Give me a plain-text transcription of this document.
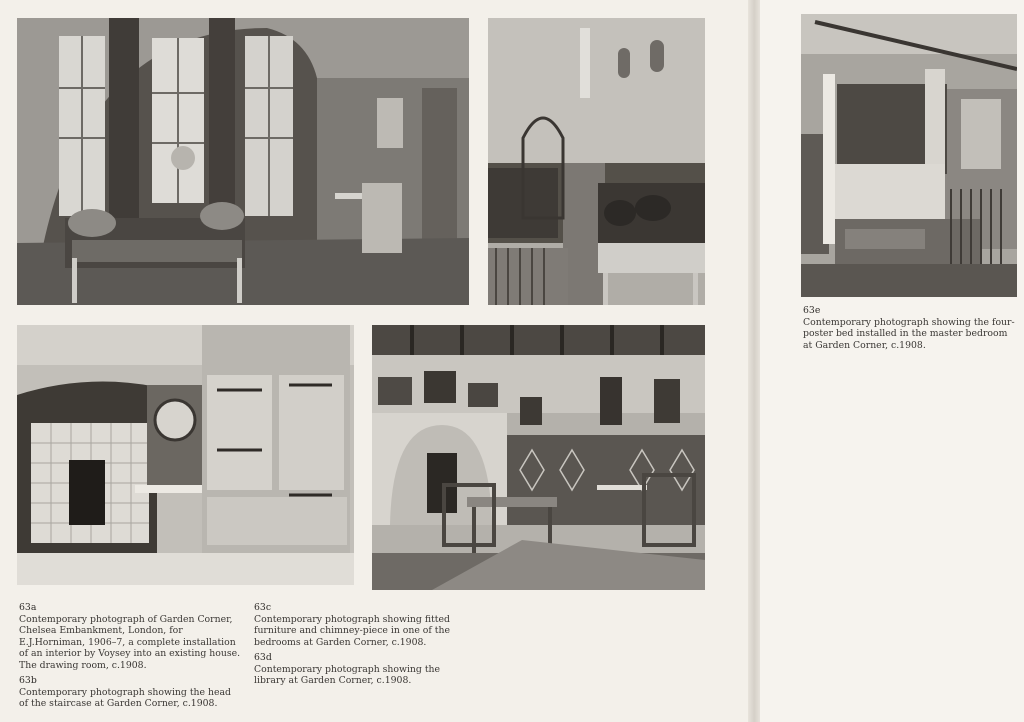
63a
Contemporary photograph of Garden Corner, Chelsea Embankment, London, for E.J.Horniman, 1906–7, a complete installation of an interior by Voysey into an existing house. The drawing room, c.1908.
63b
Contemporary photograph showing the head of the staircase at Garden Corner, c.1908.
63c
Contemporary photograph showing fitted furniture and chimney-piece in one of the bedrooms at Garden Corner, c.1908.
63d
Contemporary photograph showing the library at Garden Corner, c.1908.
63e
Contemporary photograph showing the four-poster bed installed in the master bedroom at Garden Corner, c.1908.
